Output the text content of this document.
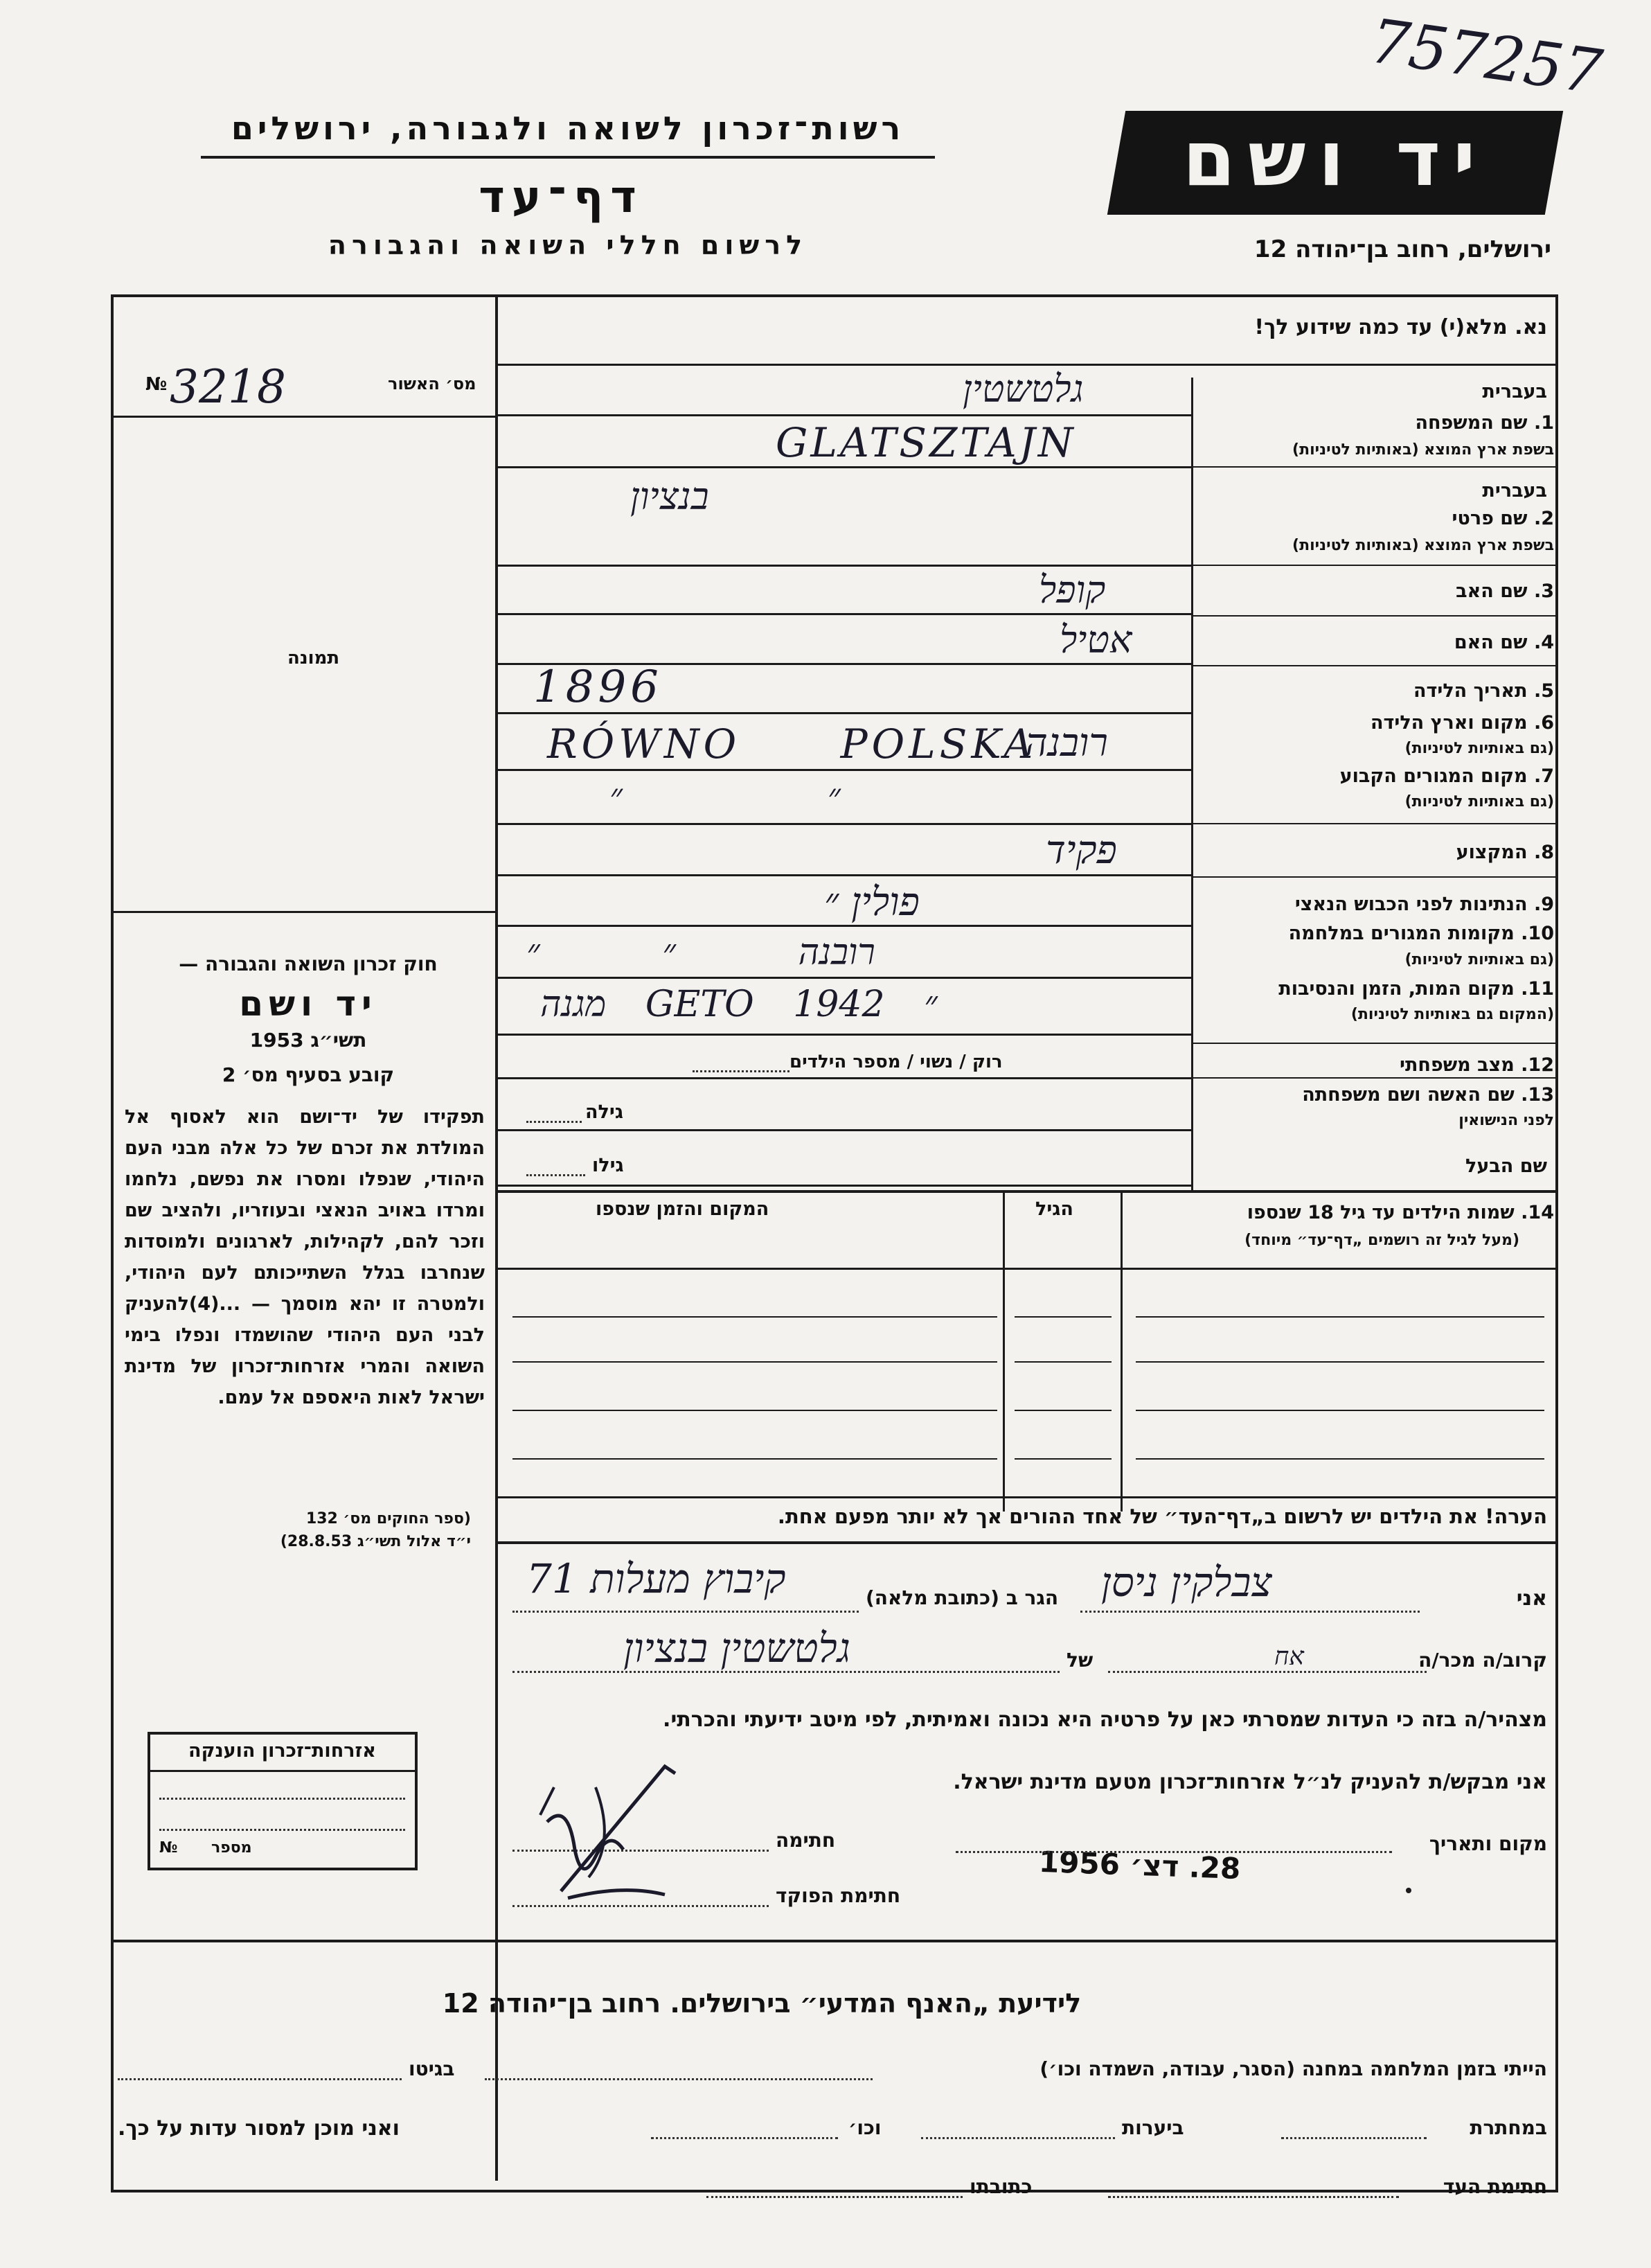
757257
רשות־זכרון לשואה ולגבורה, ירושלים
דף־עד
לרשום חללי השואה והגבורה
יד ושם
ירושלים, רחוב בן־יהודה 12
נא. מלא(י) עד כמה שידוע לך!
מס׳ האשור
№ 3218
תמונה
בעברית
1. שם המשפחה
בשפת ארץ המוצא (באותיות לטיניות)
בעברית
2. שם פרטי
בשפת ארץ המוצא (באותיות לטיניות)
3. שם האב
4. שם האם
5. תאריך הלידה
6. מקום וארץ הלידה
(גם באותיות לטיניות)
7. מקום המגורים הקבוע
(גם באותיות לטיניות)
8. המקצוע
9. הנתינות לפני הכבוש הנאצי
10. מקומות המגורים במלחמה
(גם באותיות לטיניות)
11. מקום המות, הזמן והנסיבות
(המקום גם באותיות לטיניות)
12. מצב משפחתי
13. שם האשה ושם משפחתה
לפני הנישואין
שם הבעל
גלטשטין
GLATSZTAJN
בנציון
קופל
אטיל
1896
RÓWNO POLSKA
רובנה
״ ״
פקיד
פולין ״
רובנה ״ ״
״ GETO 1942 מגנה
רוק / נשוי / מספר הילדים
גילה
גילו
14. שמות הילדים עד גיל 18 שנספו
(מעל לגיל זה רושמים „דף־עד״ מיוחד)
הגיל
המקום והזמן שנספו
הערה! את הילדים יש לרשום ב„דף־העד״ של אחד ההורים אך לא יותר מפעם אחת.
חוק זכרון השואה והגבורה —
יד ושם
תשי״ג 1953
קובע בסעיף מס׳ 2
תפקידו של יד־ושם הוא לאסוף אל המולדת את זכרם של כל אלה מבני העם היהודי, שנפלו ומסרו את נפשם, נלחמו ומרדו באויב הנאצי ובעוזריו, ולהציב שם וזכר להם, לקהילות, לארגונים ולמוסדות שנחרבו בגלל השתייכותם לעם היהודי, ולמטרה זו יהא מוסמך — ...(4)להעניק לבני העם היהודי שהושמדו ונפלו בימי השואה והמרי אזרחות־זכרון של מדינת ישראל לאות היאספם אל עמם.
(ספר החוקים מס׳ 132
י״ד אלול תשי״ג 28.8.53)
אני
צבלקין ניסן
הגר ב (כתובת מלאה)
קיבוץ מעלות 71
קרוב/ה מכר/ה
אח
של
גלטשטין בנציון
מצהיר/ה בזה כי העדות שמסרתי כאן על פרטיה היא נכונה ואמיתית, לפי מיטב ידיעתי והכרתי.
אני מבקש/ת להעניק לנ״ל אזרחות־זכרון מטעם מדינת ישראל.
מקום ותאריך
28. דצ׳ 1956
חתימה
חתימת הפוקד
אזרחות־זכרון הוענקה
מספר
№
לידיעת „האנף המדעי״ בירושלים. רחוב בן־יהודה 12
הייתי בזמן המלחמה במחנה (הסגר, עבודה, השמדה וכו׳)
בגיטו
במחתרת
ביערות
וכו׳
ואני מוכן למסור עדות על כך.
חתימת העד
כתובתו
